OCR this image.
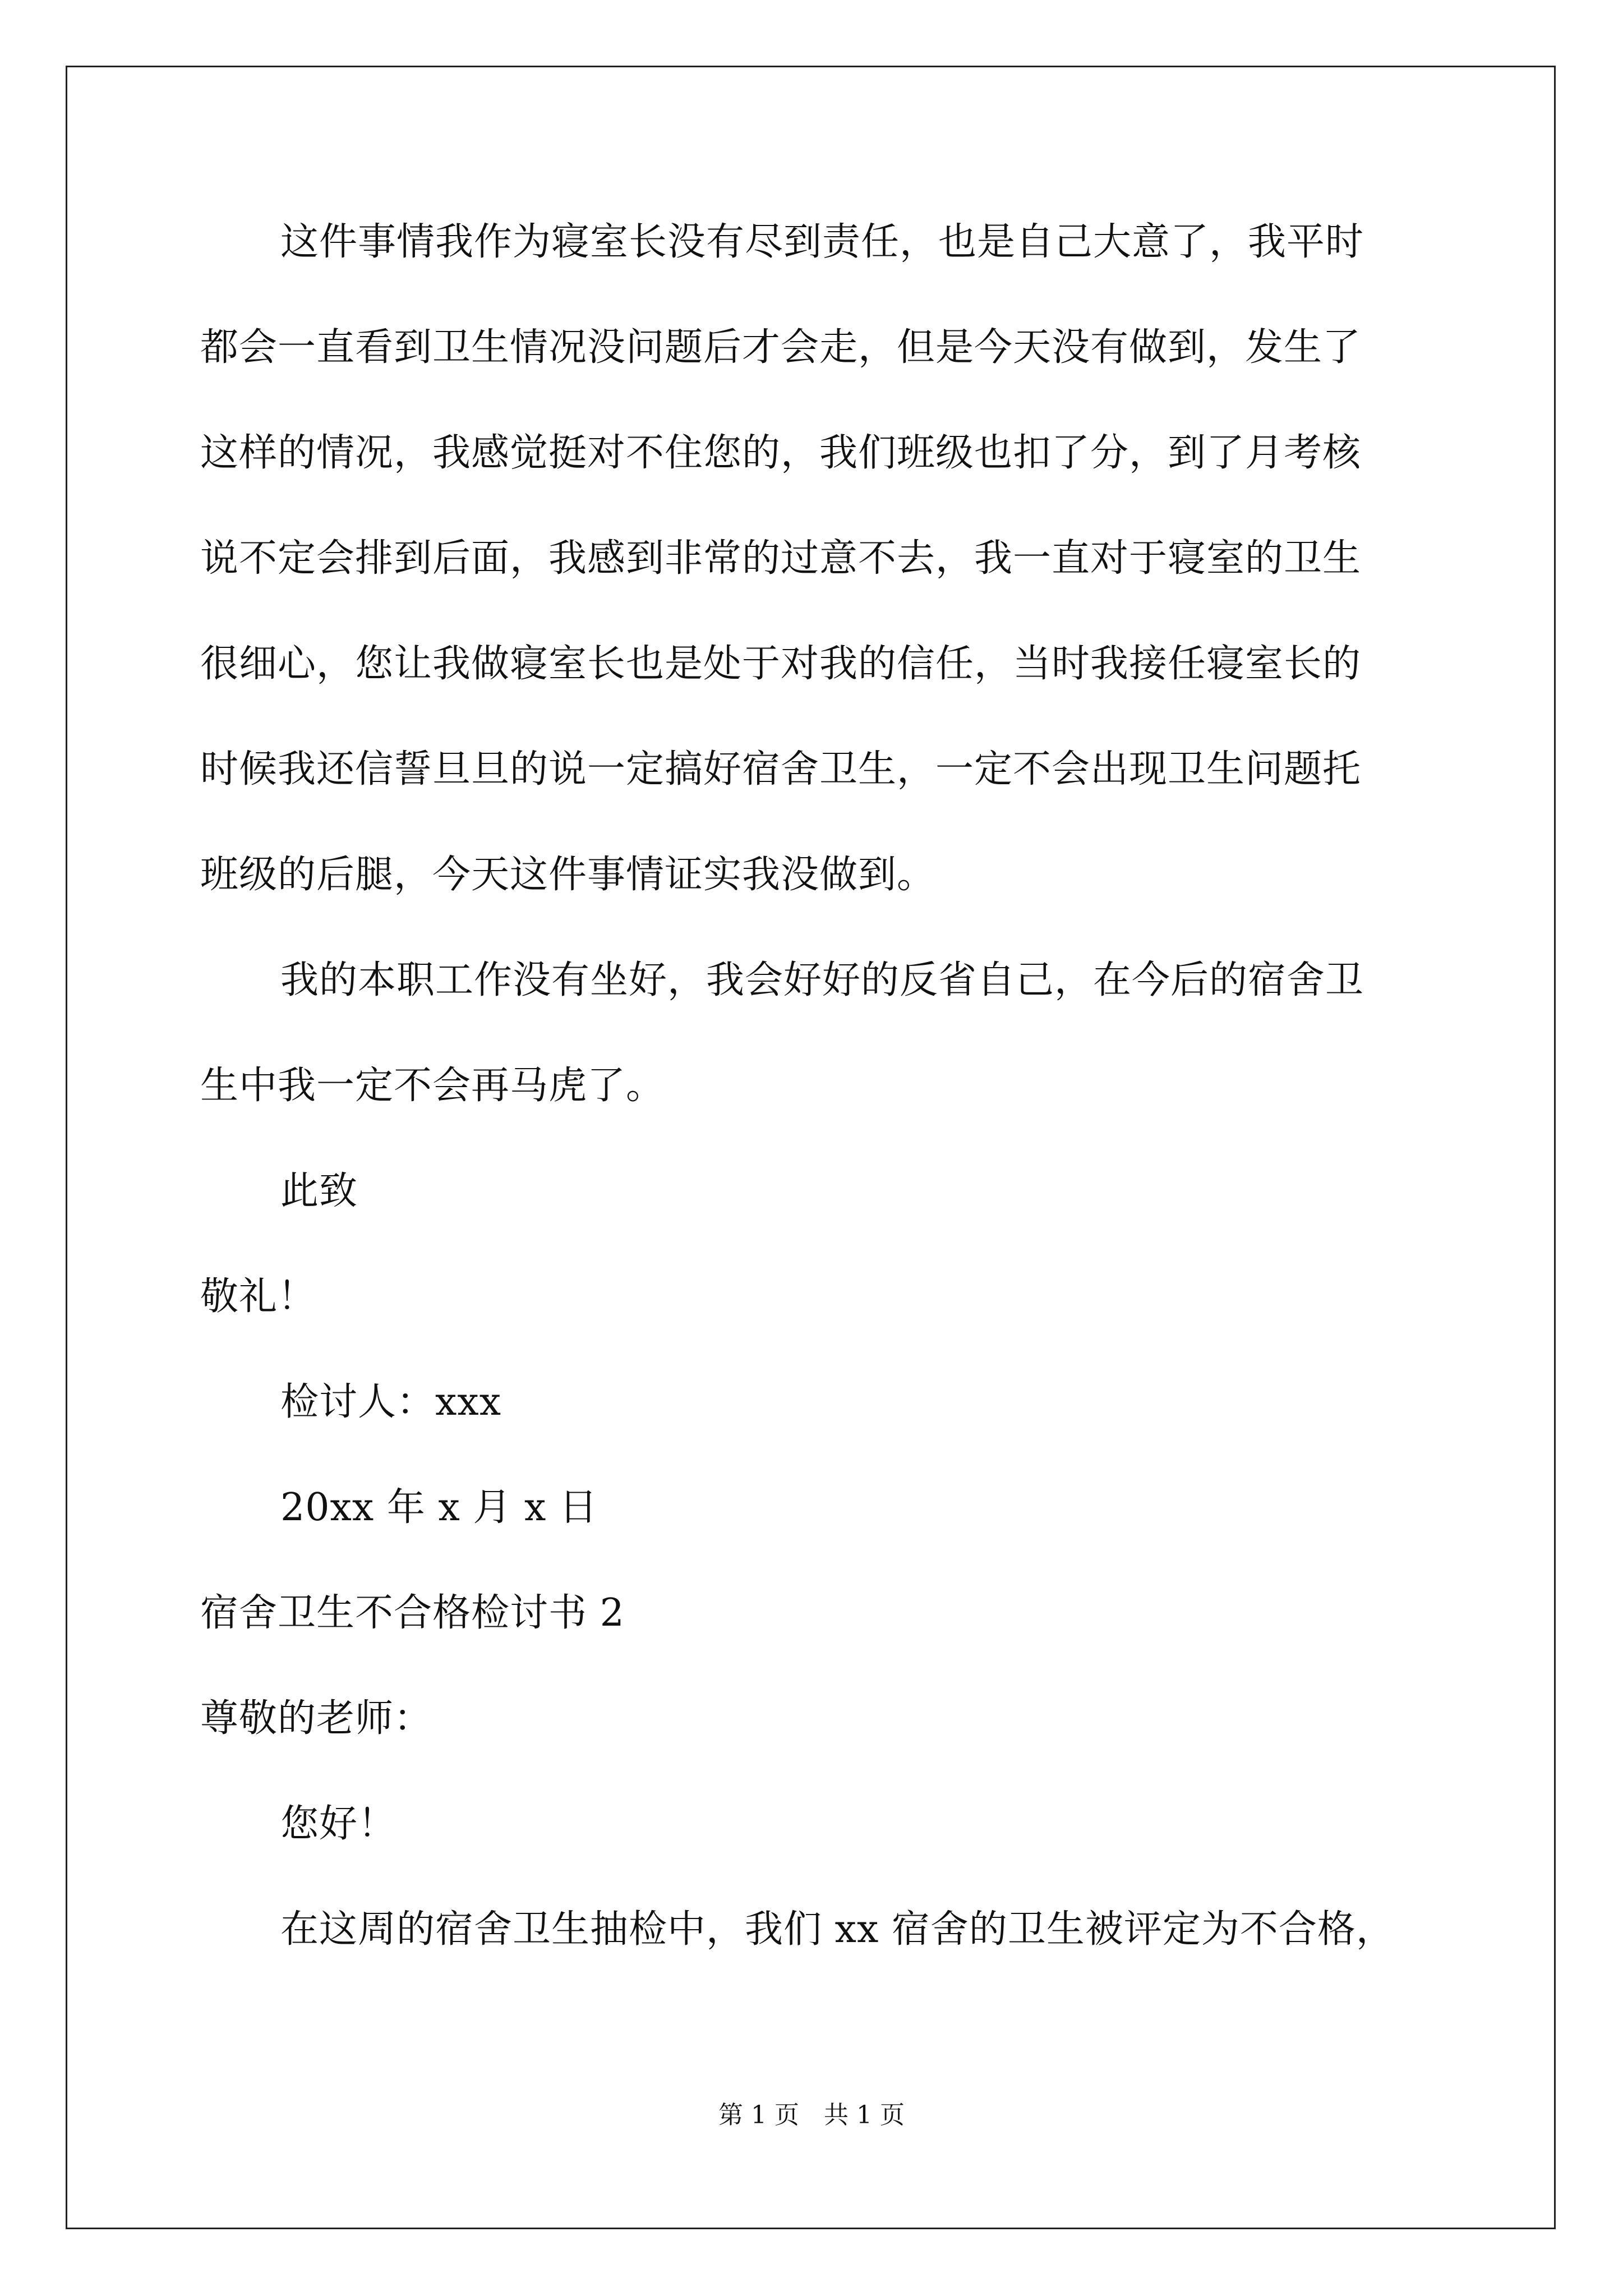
这件事情我作为寝室长没有尽到责任，也是自己大意了，我平时
都会一直看到卫生情况没问题后才会走，但是今天没有做到，发生了
这样的情况，我感觉挺对不住您的，我们班级也扣了分，到了月考核
说不定会排到后面，我感到非常的过意不去，我一直对于寝室的卫生
很细心，您让我做寝室长也是处于对我的信任，当时我接任寝室长的
时候我还信誓旦旦的说一定搞好宿舍卫生，一定不会出现卫生问题托
班级的后腿，今天这件事情证实我没做到。
我的本职工作没有坐好，我会好好的反省自己，在今后的宿舍卫
生中我一定不会再马虎了。
此致
敬礼！
检讨人：xxx
20xx 年 x 月 x 日
宿舍卫生不合格检讨书 2
尊敬的老师：
您好！
在这周的宿舍卫生抽检中，我们 xx 宿舍的卫生被评定为不合格，
第 1 页　共 1 页
